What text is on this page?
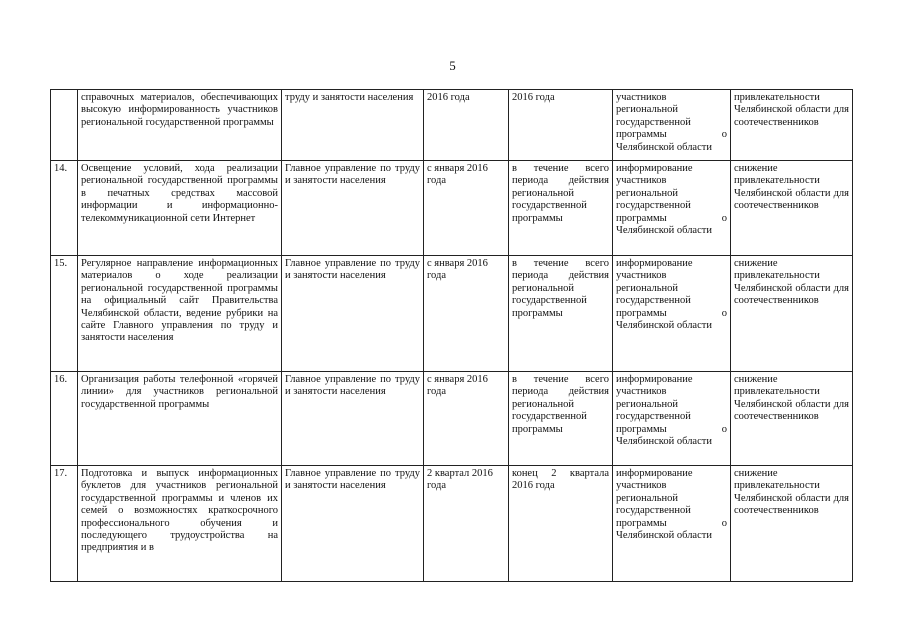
5
	справочных материалов, обеспечивающих высокую информированность участников региональной государственной программы	труду и занятости населения	2016 года	2016 года	участников региональной государственной программы о Челябинской области	привлекательности Челябинской области для соотечественников
14.	Освещение условий, хода реализации региональной государственной программы в печатных средствах массовой информации и информационно-телекоммуникационной сети Интернет	Главное управление по труду и занятости населения	с января 2016 года	в течение всего периода действия региональной государственной программы	информирование участников региональной государственной программы о Челябинской области	снижение привлекательности Челябинской области для соотечественников
15.	Регулярное направление информационных материалов о ходе реализации региональной государственной программы на официальный сайт Правительства Челябинской области, ведение рубрики на сайте Главного управления по труду и занятости населения	Главное управление по труду и занятости населения	с января 2016 года	в течение всего периода действия региональной государственной программы	информирование участников региональной государственной программы о Челябинской области	снижение привлекательности Челябинской области для соотечественников
16.	Организация работы телефонной «горячей линии» для участников региональной государственной программы	Главное управление по труду и занятости населения	с января 2016 года	в течение всего периода действия региональной государственной программы	информирование участников региональной государственной программы о Челябинской области	снижение привлекательности Челябинской области для соотечественников
17.	Подготовка и выпуск информационных буклетов для участников региональной государственной программы и членов их семей о возможностях краткосрочного профессионального обучения и последующего трудоустройства на предприятия и в	Главное управление по труду и занятости населения	2 квартал 2016 года	конец 2 квартала 2016 года	информирование участников региональной государственной программы о Челябинской области	снижение привлекательности Челябинской области для соотечественников
